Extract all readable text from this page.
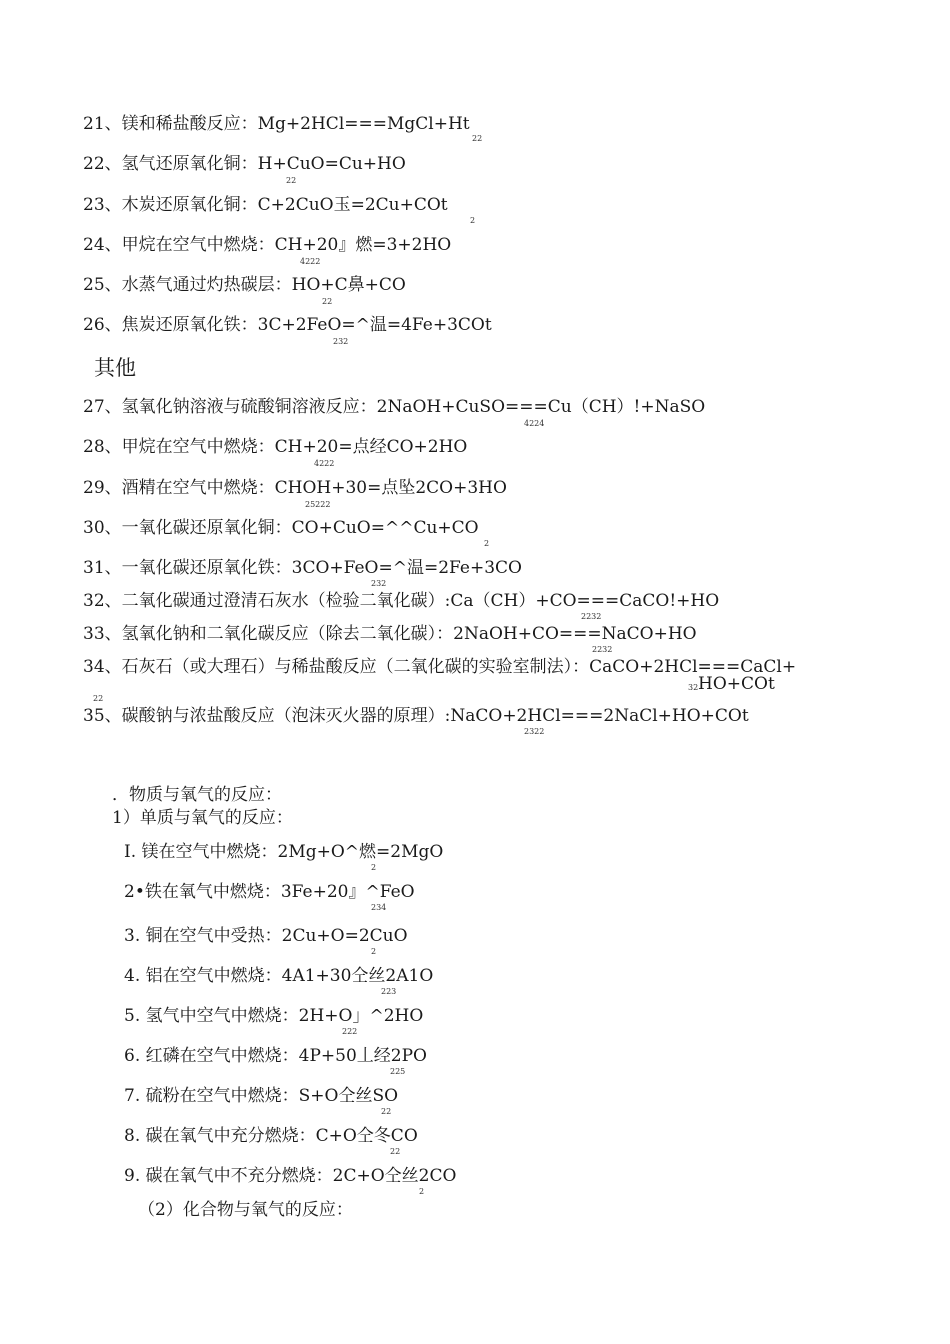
21、镁和稀盐酸反应：Mg+2HCl===MgCl+Ht
22
22、氢气还原氧化铜：H+CuO=Cu+HO
22
23、木炭还原氧化铜：C+2CuO玉=2Cu+COt
2
24、甲烷在空气中燃烧：CH+20』燃=3+2HO
4222
25、水蒸气通过灼热碳层：HO+C鼻+CO
22
26、焦炭还原氧化铁：3C+2FeO=^温=4Fe+3COt
232
其他
27、氢氧化钠溶液与硫酸铜溶液反应：2NaOH+CuSO===Cu（CH）!+NaSO
4224
28、甲烷在空气中燃烧：CH+20=点经CO+2HO
4222
29、酒精在空气中燃烧：CHOH+30=点坠2CO+3HO
25222
30、一氧化碳还原氧化铜：CO+CuO=^^Cu+CO
2
31、一氧化碳还原氧化铁：3CO+FeO=^温=2Fe+3CO
232
32、二氧化碳通过澄清石灰水（检验二氧化碳）:Ca（CH）+CO===CaCO!+HO
2232
33、氢氧化钠和二氧化碳反应（除去二氧化碳）：2NaOH+CO===NaCO+HO
2232
34、石灰石（或大理石）与稀盐酸反应（二氧化碳的实验室制法）：CaCO+2HCl===CaCl+
32 HO+COt
22
35、碳酸钠与浓盐酸反应（泡沫灭火器的原理）:NaCO+2HCl===2NaCl+HO+COt
2322
．物质与氧气的反应：
1）单质与氧气的反应：
I. 镁在空气中燃烧：2Mg+O^燃=2MgO
2
2•铁在氧气中燃烧：3Fe+20』^FeO
234
3. 铜在空气中受热：2Cu+O=2CuO
2
4. 铝在空气中燃烧：4A1+30仝丝2A1O
223
5. 氢气中空气中燃烧：2H+O」^2HO
222
6. 红磷在空气中燃烧：4P+50丄经2PO
225
7. 硫粉在空气中燃烧：S+O仝丝SO
22
8. 碳在氧气中充分燃烧：C+O仝冬CO
22
9. 碳在氧气中不充分燃烧：2C+O仝丝2CO
2
（2）化合物与氧气的反应：
